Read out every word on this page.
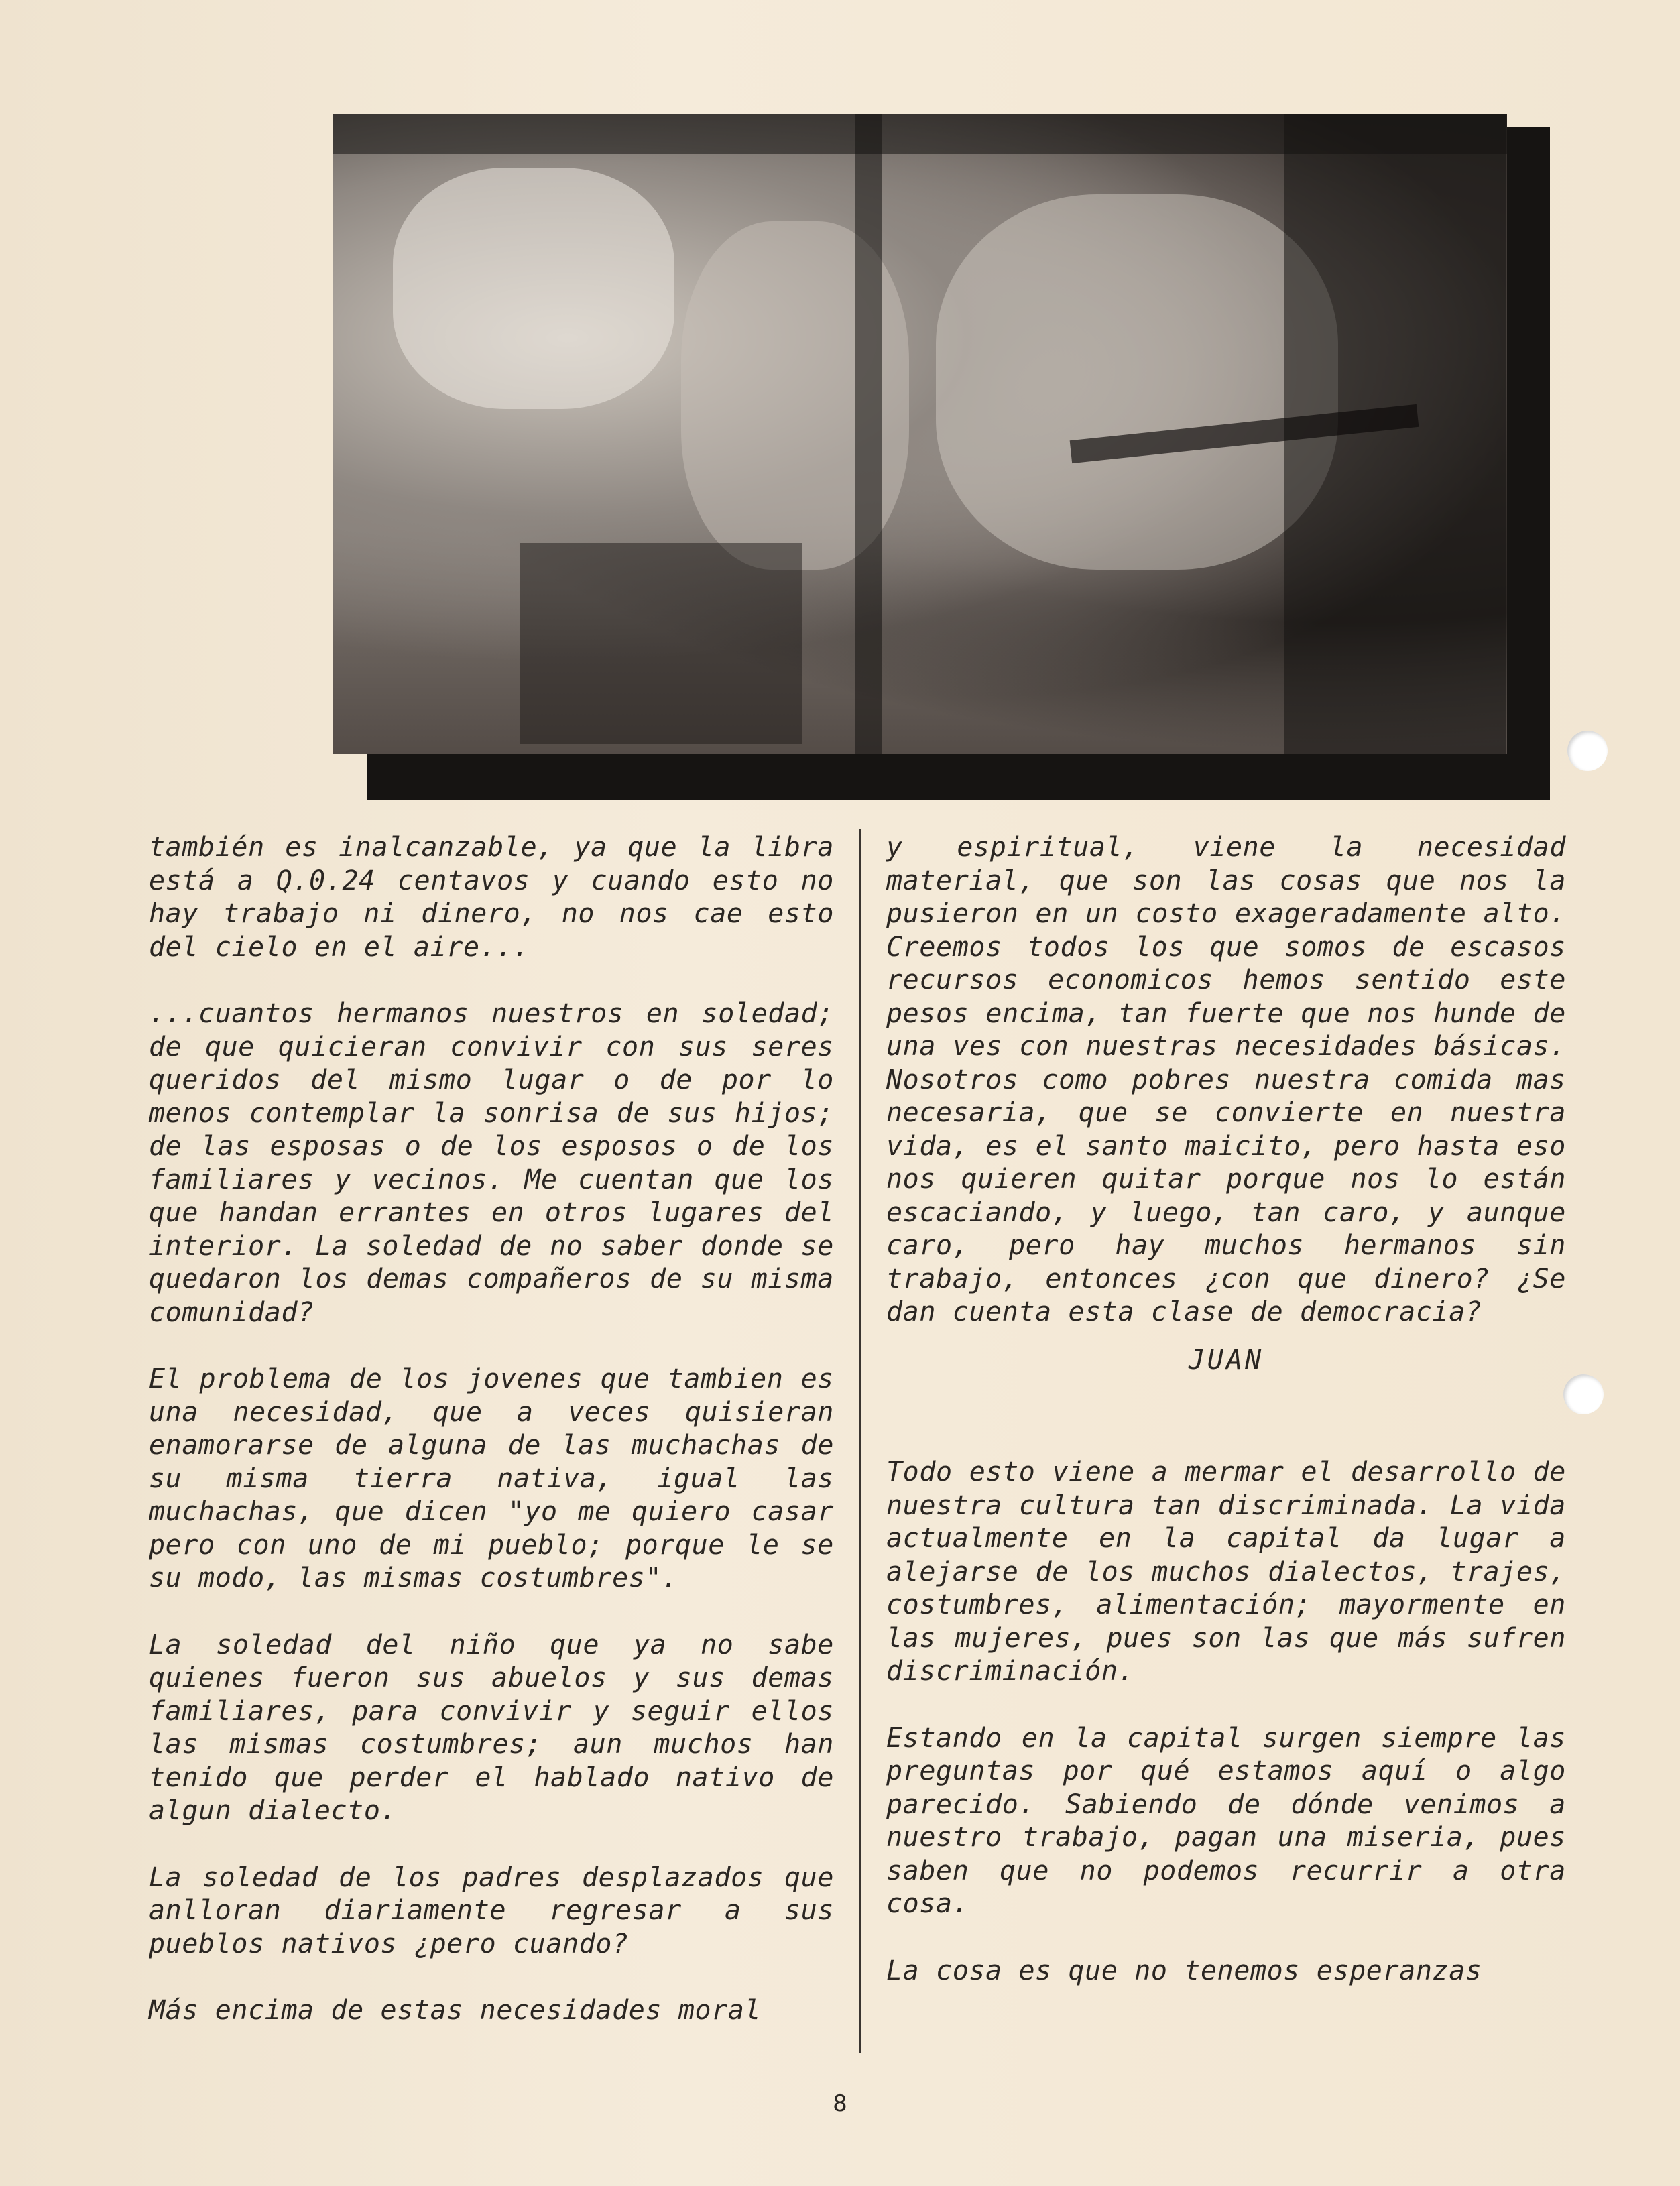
también es inalcanzable, ya que la libra está a Q.0.24 centavos y cuando esto no hay trabajo ni dinero, no nos cae esto del cielo en el aire...

...cuantos hermanos nuestros en soledad; de que quicieran convivir con sus seres queridos del mismo lugar o de por lo menos contemplar la sonrisa de sus hijos; de las esposas o de los esposos o de los familiares y vecinos. Me cuentan que los que handan errantes en otros lugares del interior. La soledad de no saber donde se quedaron los demas compañeros de su misma comunidad?

El problema de los jovenes que tambien es una necesidad, que a veces quisieran enamorarse de alguna de las muchachas de su misma tierra nativa, igual las muchachas, que dicen "yo me quiero casar pero con uno de mi pueblo; porque le se su modo, las mismas costumbres".

La soledad del niño que ya no sabe quienes fueron sus abuelos y sus demas familiares, para convivir y seguir ellos las mismas costumbres; aun muchos han tenido que perder el hablado nativo de algun dialecto.

La soledad de los padres desplazados que anlloran diariamente regresar a sus pueblos nativos ¿pero cuando?

Más encima de estas necesidades moral

y espiritual, viene la necesidad material, que son las cosas que nos la pusieron en un costo exageradamente alto. Creemos todos los que somos de escasos recursos economicos hemos sentido este pesos encima, tan fuerte que nos hunde de una ves con nuestras necesidades básicas. Nosotros como pobres nuestra comida mas necesaria, que se convierte en nuestra vida, es el santo maicito, pero hasta eso nos quieren quitar porque nos lo están escaciando, y luego, tan caro, y aunque caro, pero hay muchos hermanos sin trabajo, entonces ¿con que dinero? ¿Se dan cuenta esta clase de democracia?

JUAN

Todo esto viene a mermar el desarrollo de nuestra cultura tan discriminada. La vida actualmente en la capital da lugar a alejarse de los muchos dialectos, trajes, costumbres, alimentación; mayormente en las mujeres, pues son las que más sufren discriminación.

Estando en la capital surgen siempre las preguntas por qué estamos aquí o algo parecido. Sabiendo de dónde venimos a nuestro trabajo, pagan una miseria, pues saben que no podemos recurrir a otra cosa.

La cosa es que no tenemos esperanzas

8
